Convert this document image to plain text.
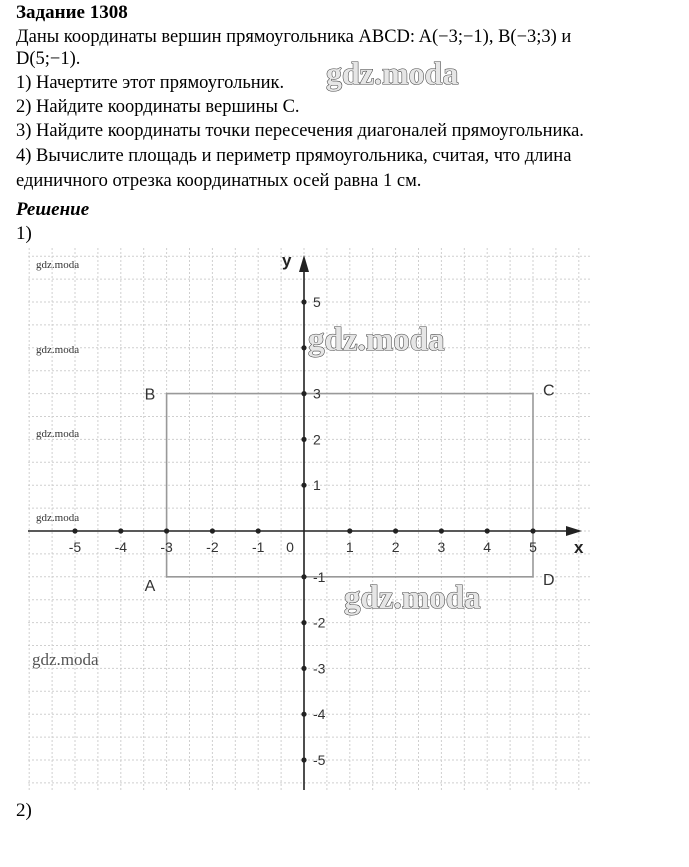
Задание 1308
Даны координаты вершин прямоугольника ABCD: A(−3;−1), B(−3;3) и
D(5;−1).
1) Начертите этот прямоугольник.
2) Найдите координаты вершины С.
3) Найдите координаты точки пересечения диагоналей прямоугольника.
4) Вычислите площадь и периметр прямоугольника, считая, что длина
единичного отрезка координатных осей равна 1 см.
Решение
1)
2)
-5 -4 -3 -2 -1	1	2	3	4	5
5
3
2
1
-1
-2
-3
-4
-5
0	x
y
A
B	C
D
gdz.moda
gdz.moda
gdz.moda
gdz.moda
gdz.moda
gdz.moda
gdz.moda
gdz.moda
